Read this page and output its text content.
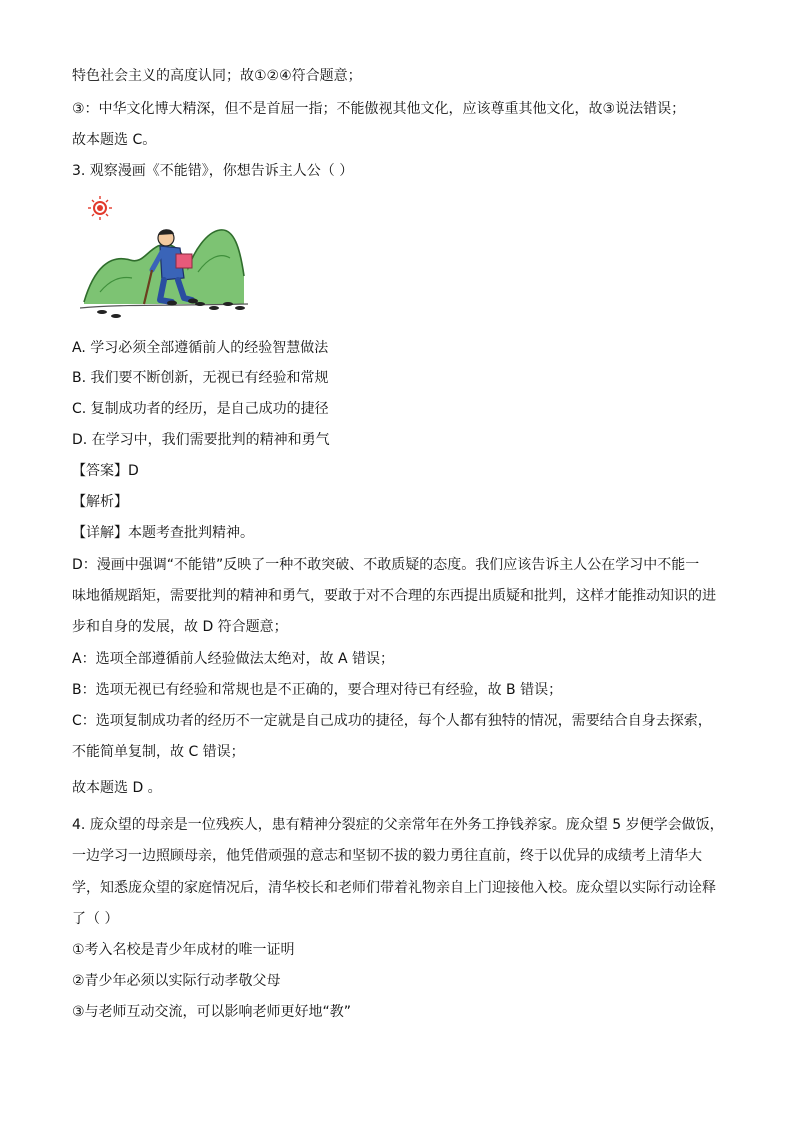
特色社会主义的高度认同；故①②④符合题意；
③：中华文化博大精深，但不是首屈一指；不能傲视其他文化，应该尊重其他文化，故③说法错误；
故本题选 C。
3. 观察漫画《不能错》，你想告诉主人公（ ）
A. 学习必须全部遵循前人的经验智慧做法
B. 我们要不断创新，无视已有经验和常规
C. 复制成功者的经历，是自己成功的捷径
D. 在学习中，我们需要批判的精神和勇气
【答案】D
【解析】
【详解】本题考查批判精神。
D：漫画中强调“不能错”反映了一种不敢突破、不敢质疑的态度。我们应该告诉主人公在学习中不能一
味地循规蹈矩，需要批判的精神和勇气，要敢于对不合理的东西提出质疑和批判，这样才能推动知识的进
步和自身的发展，故 D 符合题意；
A：选项全部遵循前人经验做法太绝对，故 A 错误；
B：选项无视已有经验和常规也是不正确的，要合理对待已有经验，故 B 错误；
C：选项复制成功者的经历不一定就是自己成功的捷径，每个人都有独特的情况，需要结合自身去探索，
不能简单复制，故 C 错误；
故本题选 D 。
4. 庞众望的母亲是一位残疾人，患有精神分裂症的父亲常年在外务工挣钱养家。庞众望 5 岁便学会做饭，
一边学习一边照顾母亲，他凭借顽强的意志和坚韧不拔的毅力勇往直前，终于以优异的成绩考上清华大
学，知悉庞众望的家庭情况后，清华校长和老师们带着礼物亲自上门迎接他入校。庞众望以实际行动诠释
了（ ）
①考入名校是青少年成材的唯一证明
②青少年必须以实际行动孝敬父母
③与老师互动交流，可以影响老师更好地“教”
